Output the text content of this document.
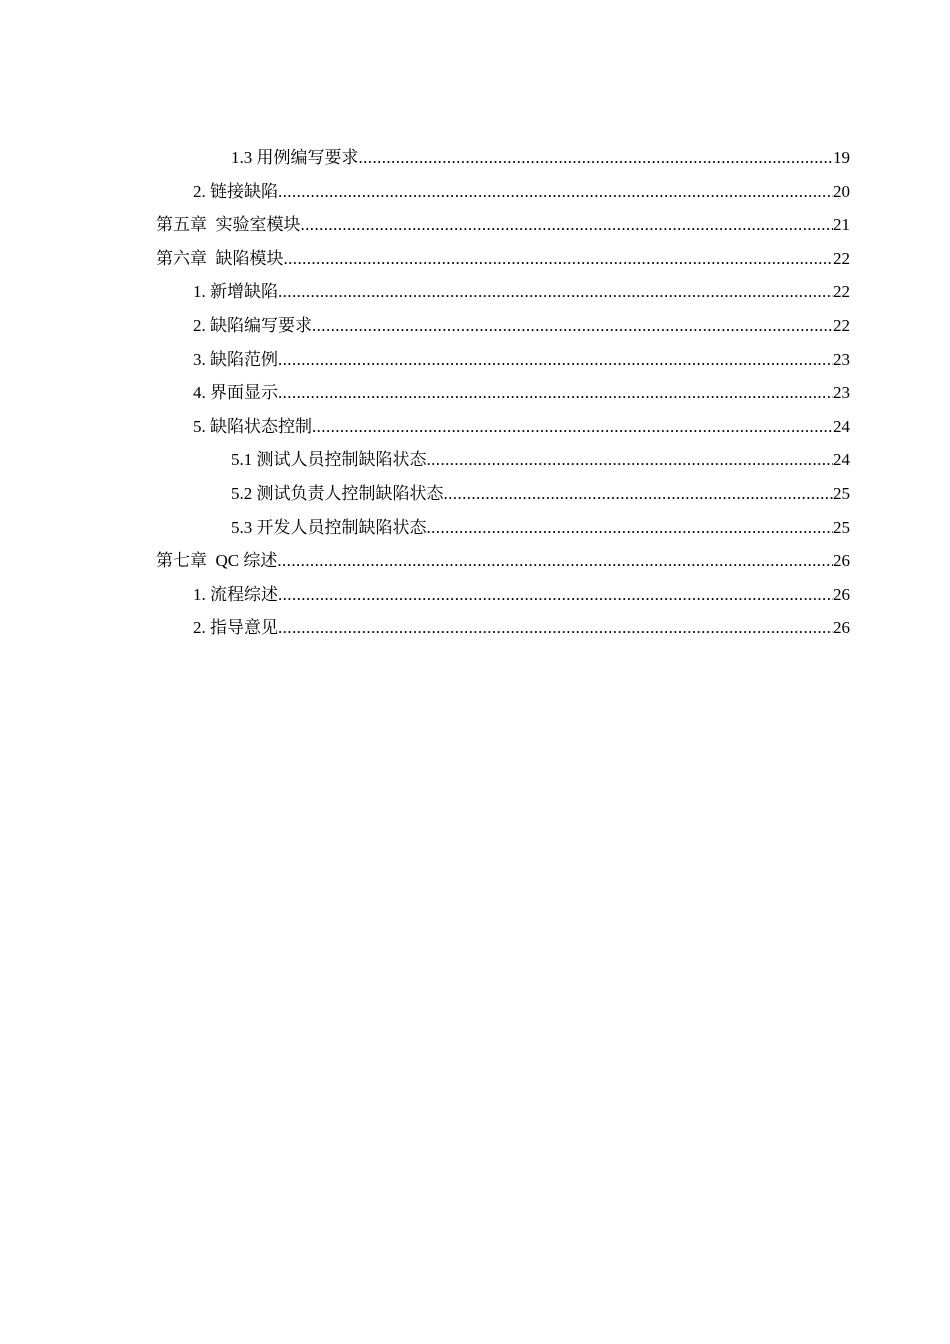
1.3 用例编写要求 .....	19
2. 链接缺陷 .....	20
第五章  实验室模块 .....	21
第六章  缺陷模块 .....	22
1. 新增缺陷 .....	22
2. 缺陷编写要求 .....	22
3. 缺陷范例 .....	23
4. 界面显示 .....	23
5. 缺陷状态控制 .....	24
5.1 测试人员控制缺陷状态 .....	24
5.2 测试负责人控制缺陷状态 .....	25
5.3 开发人员控制缺陷状态 .....	25
第七章  QC 综述 .....	26
1. 流程综述 .....	26
2. 指导意见 .....	26
